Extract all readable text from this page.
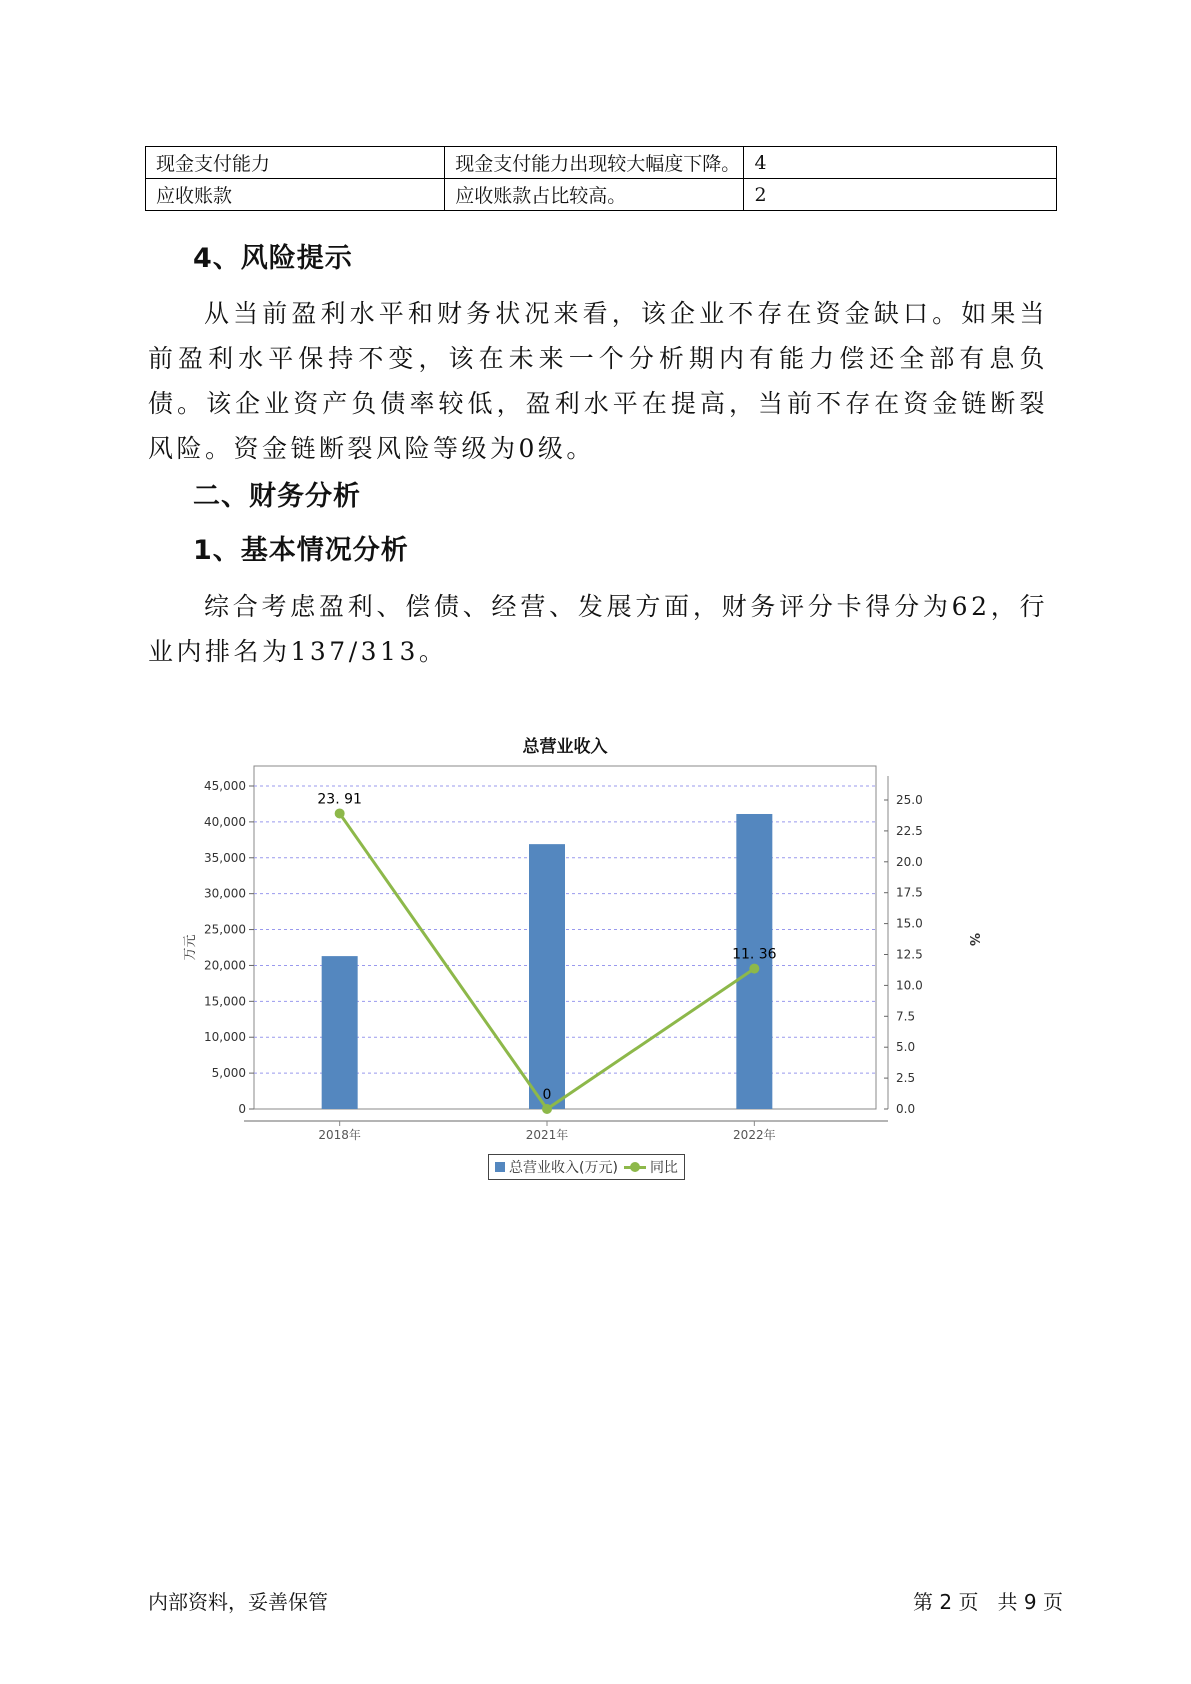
现金支付能力	现金支付能力出现较大幅度下降。	4
应收账款	应收账款占比较高。	2
4、风险提示

从当前盈利水平和财务状况来看，该企业不存在资金缺口。如果当前盈利水平保持不变，该在未来一个分析期内有能力偿还全部有息负债。该企业资产负债率较低，盈利水平在提高，当前不存在资金链断裂风险。资金链断裂风险等级为0级。

二、财务分析
1、基本情况分析

综合考虑盈利、偿债、经营、发展方面，财务评分卡得分为62，行业内排名为137/313。

总营业收入
45,000
40,000
35,000
30,000
25,000
20,000
15,000
10,000
5,000
0
25.0
22.5
20.0
17.5
15.0
12.5
10.0
7.5
5.0
2.5
0.0
万元	%
2018年	2021年	2022年
23. 91
0
11. 36
总营业收入(万元) 同比
内部资料，妥善保管	第 2 页   共 9 页
